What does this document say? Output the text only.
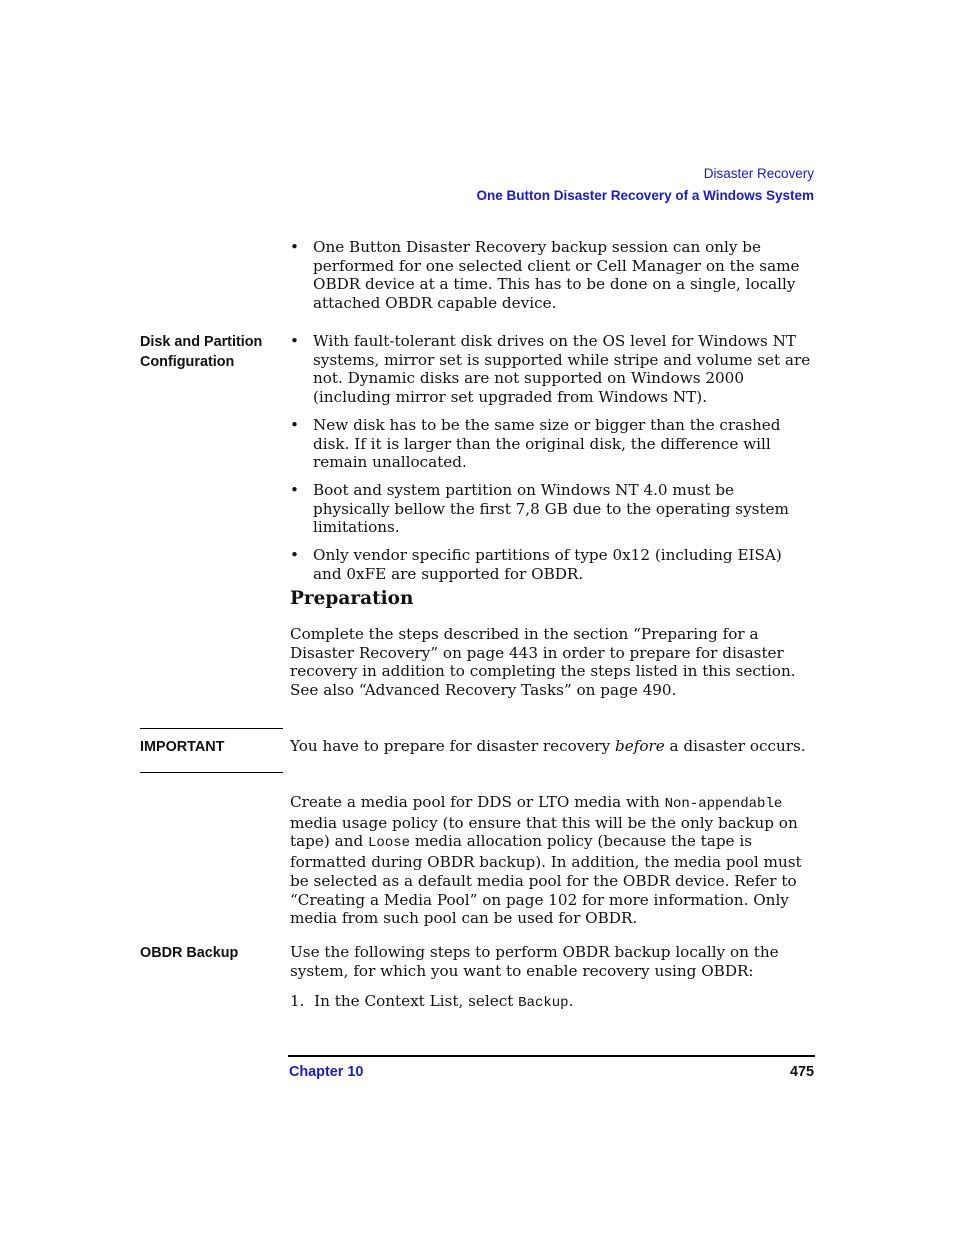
Disaster Recovery
One Button Disaster Recovery of a Windows System
• One Button Disaster Recovery backup session can only be performed for one selected client or Cell Manager on the same OBDR device at a time. This has to be done on a single, locally attached OBDR capable device.
Disk and Partition
Configuration
• With fault-tolerant disk drives on the OS level for Windows NT systems, mirror set is supported while stripe and volume set are not. Dynamic disks are not supported on Windows 2000 (including mirror set upgraded from Windows NT).
• New disk has to be the same size or bigger than the crashed disk. If it is larger than the original disk, the difference will remain unallocated.
• Boot and system partition on Windows NT 4.0 must be physically bellow the first 7,8 GB due to the operating system limitations.
• Only vendor specific partitions of type 0x12 (including EISA) and 0xFE are supported for OBDR.
Preparation
Complete the steps described in the section “Preparing for a Disaster Recovery” on page 443 in order to prepare for disaster recovery in addition to completing the steps listed in this section. See also “Advanced Recovery Tasks” on page 490.
IMPORTANT	You have to prepare for disaster recovery before a disaster occurs.
Create a media pool for DDS or LTO media with Non-appendable media usage policy (to ensure that this will be the only backup on tape) and Loose media allocation policy (because the tape is formatted during OBDR backup). In addition, the media pool must be selected as a default media pool for the OBDR device. Refer to “Creating a Media Pool” on page 102 for more information. Only media from such pool can be used for OBDR.
OBDR Backup	Use the following steps to perform OBDR backup locally on the system, for which you want to enable recovery using OBDR:
1. In the Context List, select Backup.
Chapter 10	475
